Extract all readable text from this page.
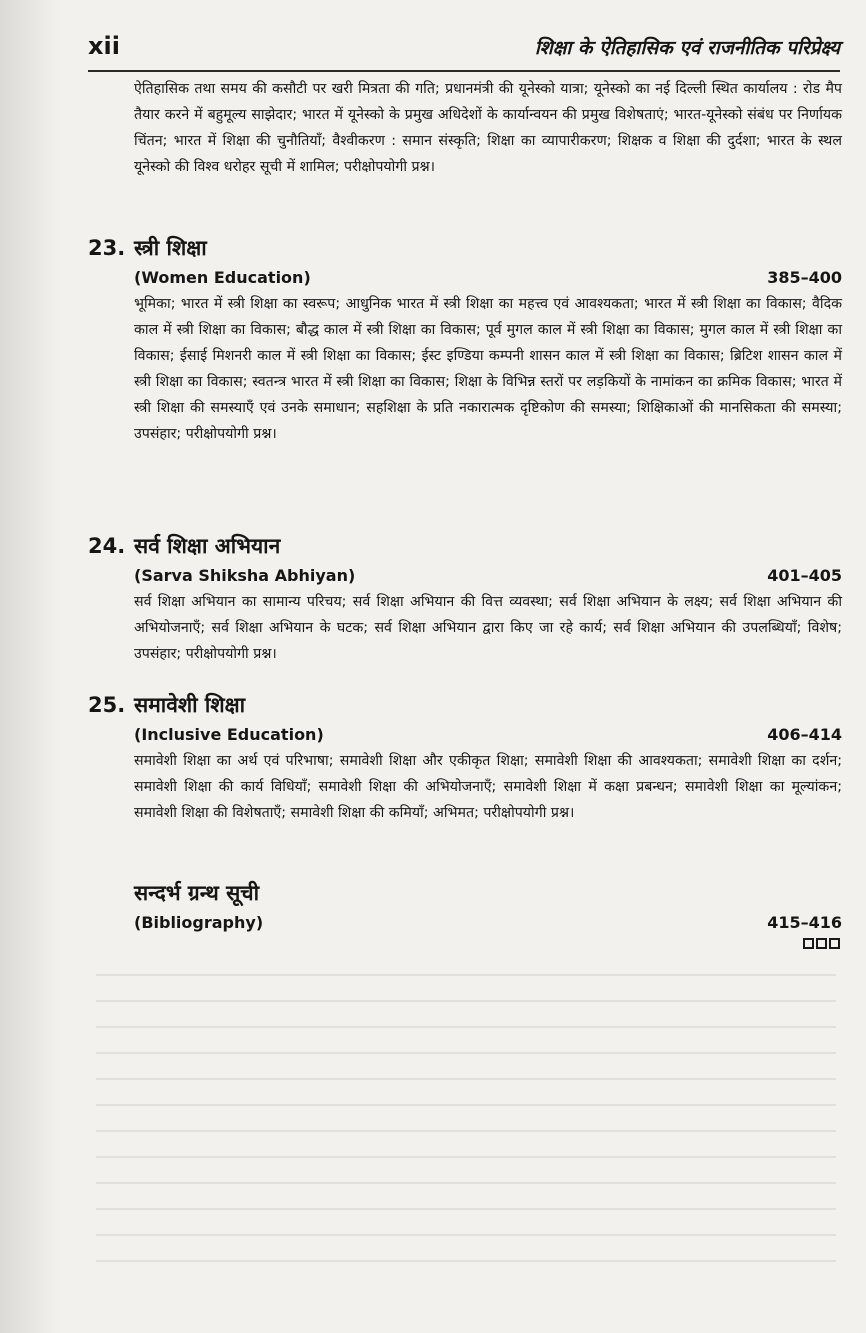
xii	शिक्षा के ऐतिहासिक एवं राजनीतिक परिप्रेक्ष्य

ऐतिहासिक तथा समय की कसौटी पर खरी मित्रता की गति; प्रधानमंत्री की यूनेस्को यात्रा; यूनेस्को का नई दिल्ली स्थित कार्यालय : रोड मैप तैयार करने में बहुमूल्य साझेदार; भारत में यूनेस्को के प्रमुख अधिदेशों के कार्यान्वयन की प्रमुख विशेषताएं; भारत-यूनेस्को संबंध पर निर्णायक चिंतन; भारत में शिक्षा की चुनौतियाँ; वैश्वीकरण : समान संस्कृति; शिक्षा का व्यापारीकरण; शिक्षक व शिक्षा की दुर्दशा; भारत के स्थल यूनेस्को की विश्व धरोहर सूची में शामिल; परीक्षोपयोगी प्रश्न।

23. स्त्री शिक्षा
(Women Education)	385–400

भूमिका; भारत में स्त्री शिक्षा का स्वरूप; आधुनिक भारत में स्त्री शिक्षा का महत्त्व एवं आवश्यकता; भारत में स्त्री शिक्षा का विकास; वैदिक काल में स्त्री शिक्षा का विकास; बौद्ध काल में स्त्री शिक्षा का विकास; पूर्व मुगल काल में स्त्री शिक्षा का विकास; मुगल काल में स्त्री शिक्षा का विकास; ईसाई मिशनरी काल में स्त्री शिक्षा का विकास; ईस्ट इण्डिया कम्पनी शासन काल में स्त्री शिक्षा का विकास; ब्रिटिश शासन काल में स्त्री शिक्षा का विकास; स्वतन्त्र भारत में स्त्री शिक्षा का विकास; शिक्षा के विभिन्न स्तरों पर लड़कियों के नामांकन का क्रमिक विकास; भारत में स्त्री शिक्षा की समस्याएँ एवं उनके समाधान; सहशिक्षा के प्रति नकारात्मक दृष्टिकोण की समस्या; शिक्षिकाओं की मानसिकता की समस्या; उपसंहार; परीक्षोपयोगी प्रश्न।

24. सर्व शिक्षा अभियान
(Sarva Shiksha Abhiyan)	401–405

सर्व शिक्षा अभियान का सामान्य परिचय; सर्व शिक्षा अभियान की वित्त व्यवस्था; सर्व शिक्षा अभियान के लक्ष्य; सर्व शिक्षा अभियान की अभियोजनाएँ; सर्व शिक्षा अभियान के घटक; सर्व शिक्षा अभियान द्वारा किए जा रहे कार्य; सर्व शिक्षा अभियान की उपलब्धियाँ; विशेष; उपसंहार; परीक्षोपयोगी प्रश्न।

25. समावेशी शिक्षा
(Inclusive Education)	406–414

समावेशी शिक्षा का अर्थ एवं परिभाषा; समावेशी शिक्षा और एकीकृत शिक्षा; समावेशी शिक्षा की आवश्यकता; समावेशी शिक्षा का दर्शन; समावेशी शिक्षा की कार्य विधियाँ; समावेशी शिक्षा की अभियोजनाएँ; समावेशी शिक्षा में कक्षा प्रबन्धन; समावेशी शिक्षा का मूल्यांकन; समावेशी शिक्षा की विशेषताएँ; समावेशी शिक्षा की कमियाँ; अभिमत; परीक्षोपयोगी प्रश्न।

सन्दर्भ ग्रन्थ सूची
(Bibliography)	415–416
